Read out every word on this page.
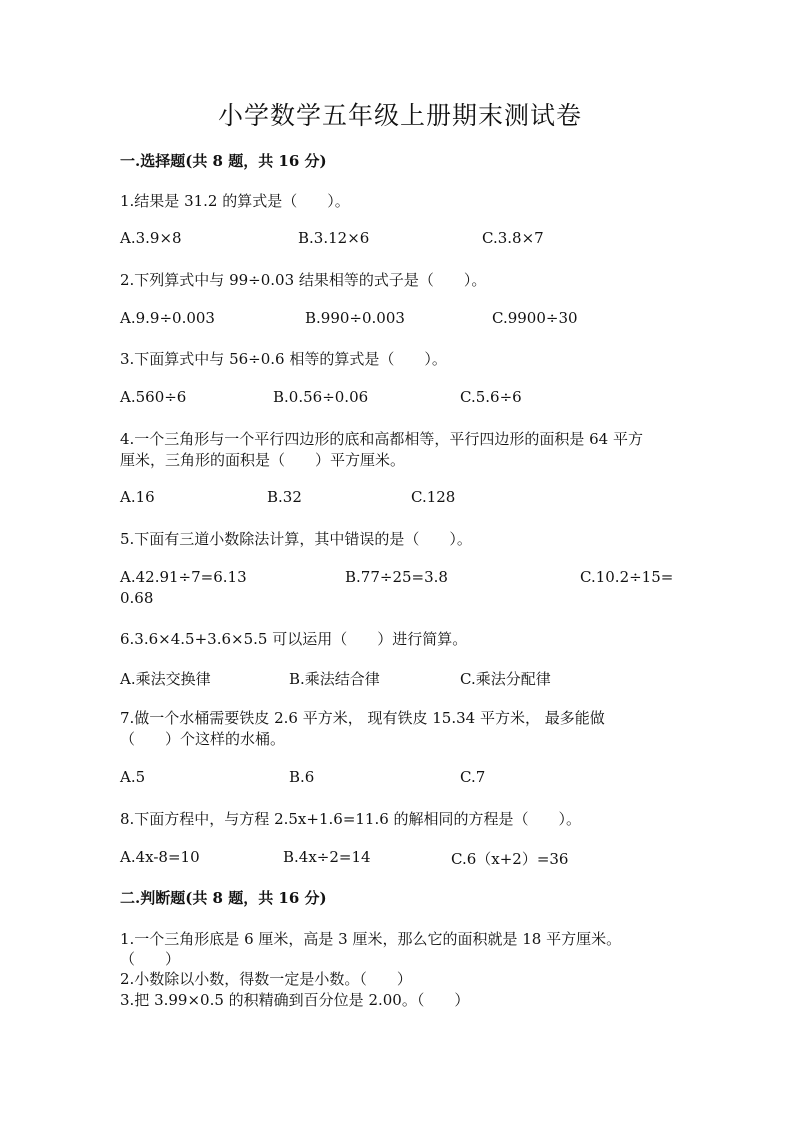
小学数学五年级上册期末测试卷
一.选择题(共 8 题，共 16 分)
1.结果是 31.2 的算式是（　　）。
A.3.9×8	B.3.12×6	C.3.8×7
2.下列算式中与 99÷0.03 结果相等的式子是（　　）。
A.9.9÷0.003	B.990÷0.003	C.9900÷30
3.下面算式中与 56÷0.6 相等的算式是（　　）。
A.560÷6	B.0.56÷0.06	C.5.6÷6
4.一个三角形与一个平行四边形的底和高都相等，平行四边形的面积是 64 平方
厘米，三角形的面积是（　　）平方厘米。
A.16	B.32	C.128
5.下面有三道小数除法计算，其中错误的是（　　）。
A.42.91÷7=6.13	B.77÷25=3.8	C.10.2÷15=
0.68
6.3.6×4.5+3.6×5.5 可以运用（　　）进行简算。
A.乘法交换律	B.乘法结合律	C.乘法分配律
7.做一个水桶需要铁皮 2.6 平方米， 现有铁皮 15.34 平方米， 最多能做
（　　）个这样的水桶。
A.5	B.6	C.7
8.下面方程中，与方程 2.5x+1.6=11.6 的解相同的方程是（　　）。
A.4x-8=10	B.4x÷2=14	C.6（x+2）=36
二.判断题(共 8 题，共 16 分)
1.一个三角形底是 6 厘米，高是 3 厘米，那么它的面积就是 18 平方厘米。
（　　）
2.小数除以小数，得数一定是小数。（　　）
3.把 3.99×0.5 的积精确到百分位是 2.00。（　　）
